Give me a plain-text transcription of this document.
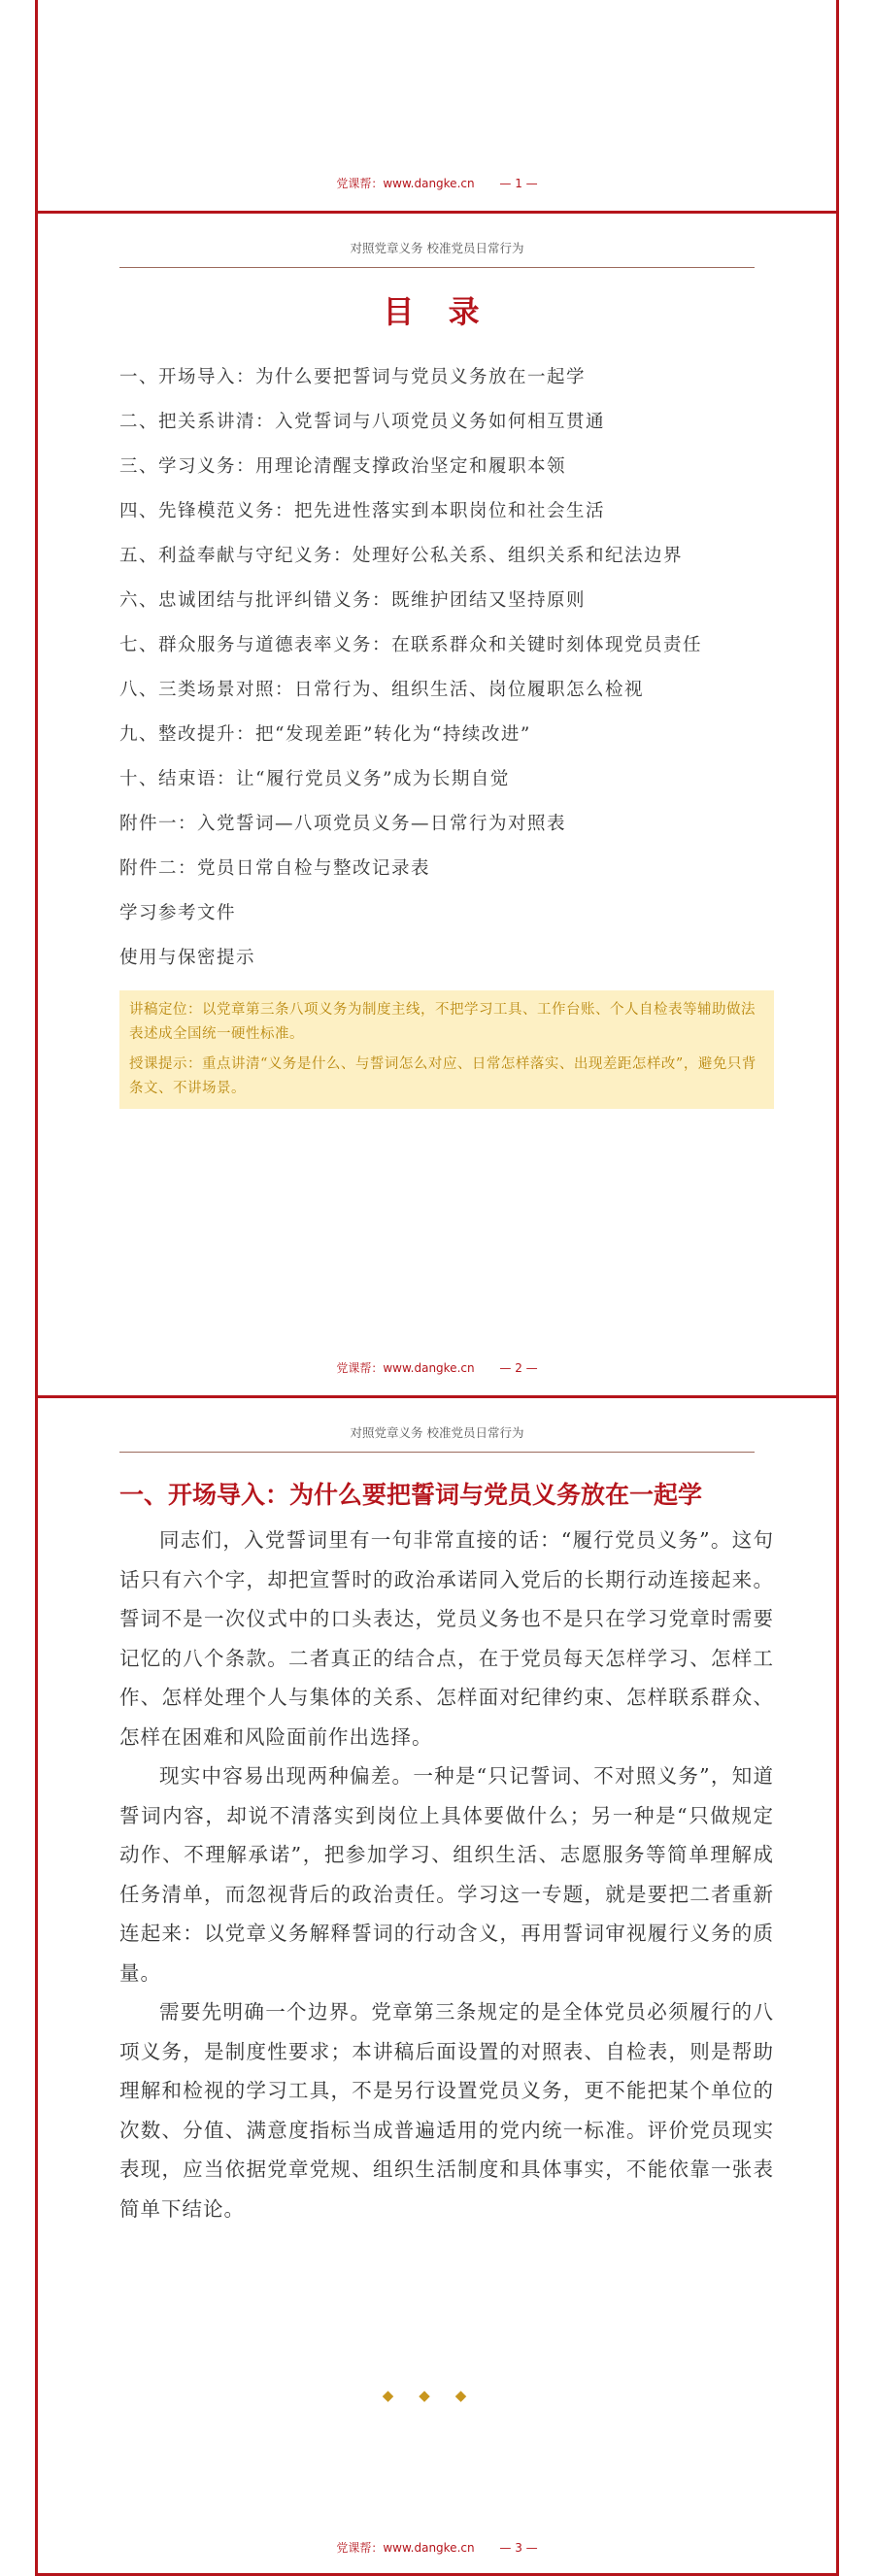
党课帮：www.dangke.cn — 1 —
对照党章义务 校准党员日常行为
目 录
一、开场导入：为什么要把誓词与党员义务放在一起学
二、把关系讲清：入党誓词与八项党员义务如何相互贯通
三、学习义务：用理论清醒支撑政治坚定和履职本领
四、先锋模范义务：把先进性落实到本职岗位和社会生活
五、利益奉献与守纪义务：处理好公私关系、组织关系和纪法边界
六、忠诚团结与批评纠错义务：既维护团结又坚持原则
七、群众服务与道德表率义务：在联系群众和关键时刻体现党员责任
八、三类场景对照：日常行为、组织生活、岗位履职怎么检视
九、整改提升：把“发现差距”转化为“持续改进”
十、结束语：让“履行党员义务”成为长期自觉
附件一：入党誓词—八项党员义务—日常行为对照表
附件二：党员日常自检与整改记录表
学习参考文件
使用与保密提示

讲稿定位：以党章第三条八项义务为制度主线，不把学习工具、工作台账、个人自检表等辅助做法表述成全国统一硬性标准。

授课提示：重点讲清“义务是什么、与誓词怎么对应、日常怎样落实、出现差距怎样改”，避免只背条文、不讲场景。

党课帮：www.dangke.cn — 2 —
对照党章义务 校准党员日常行为
一、开场导入：为什么要把誓词与党员义务放在一起学

同志们，入党誓词里有一句非常直接的话：“履行党员义务”。这句话只有六个字，却把宣誓时的政治承诺同入党后的长期行动连接起来。誓词不是一次仪式中的口头表达，党员义务也不是只在学习党章时需要记忆的八个条款。二者真正的结合点，在于党员每天怎样学习、怎样工作、怎样处理个人与集体的关系、怎样面对纪律约束、怎样联系群众、怎样在困难和风险面前作出选择。

现实中容易出现两种偏差。一种是“只记誓词、不对照义务”，知道誓词内容，却说不清落实到岗位上具体要做什么；另一种是“只做规定动作、不理解承诺”，把参加学习、组织生活、志愿服务等简单理解成任务清单，而忽视背后的政治责任。学习这一专题，就是要把二者重新连起来：以党章义务解释誓词的行动含义，再用誓词审视履行义务的质量。

需要先明确一个边界。党章第三条规定的是全体党员必须履行的八项义务，是制度性要求；本讲稿后面设置的对照表、自检表，则是帮助理解和检视的学习工具，不是另行设置党员义务，更不能把某个单位的次数、分值、满意度指标当成普遍适用的党内统一标准。评价党员现实表现，应当依据党章党规、组织生活制度和具体事实，不能依靠一张表简单下结论。

◆◆◆
党课帮：www.dangke.cn — 3 —
